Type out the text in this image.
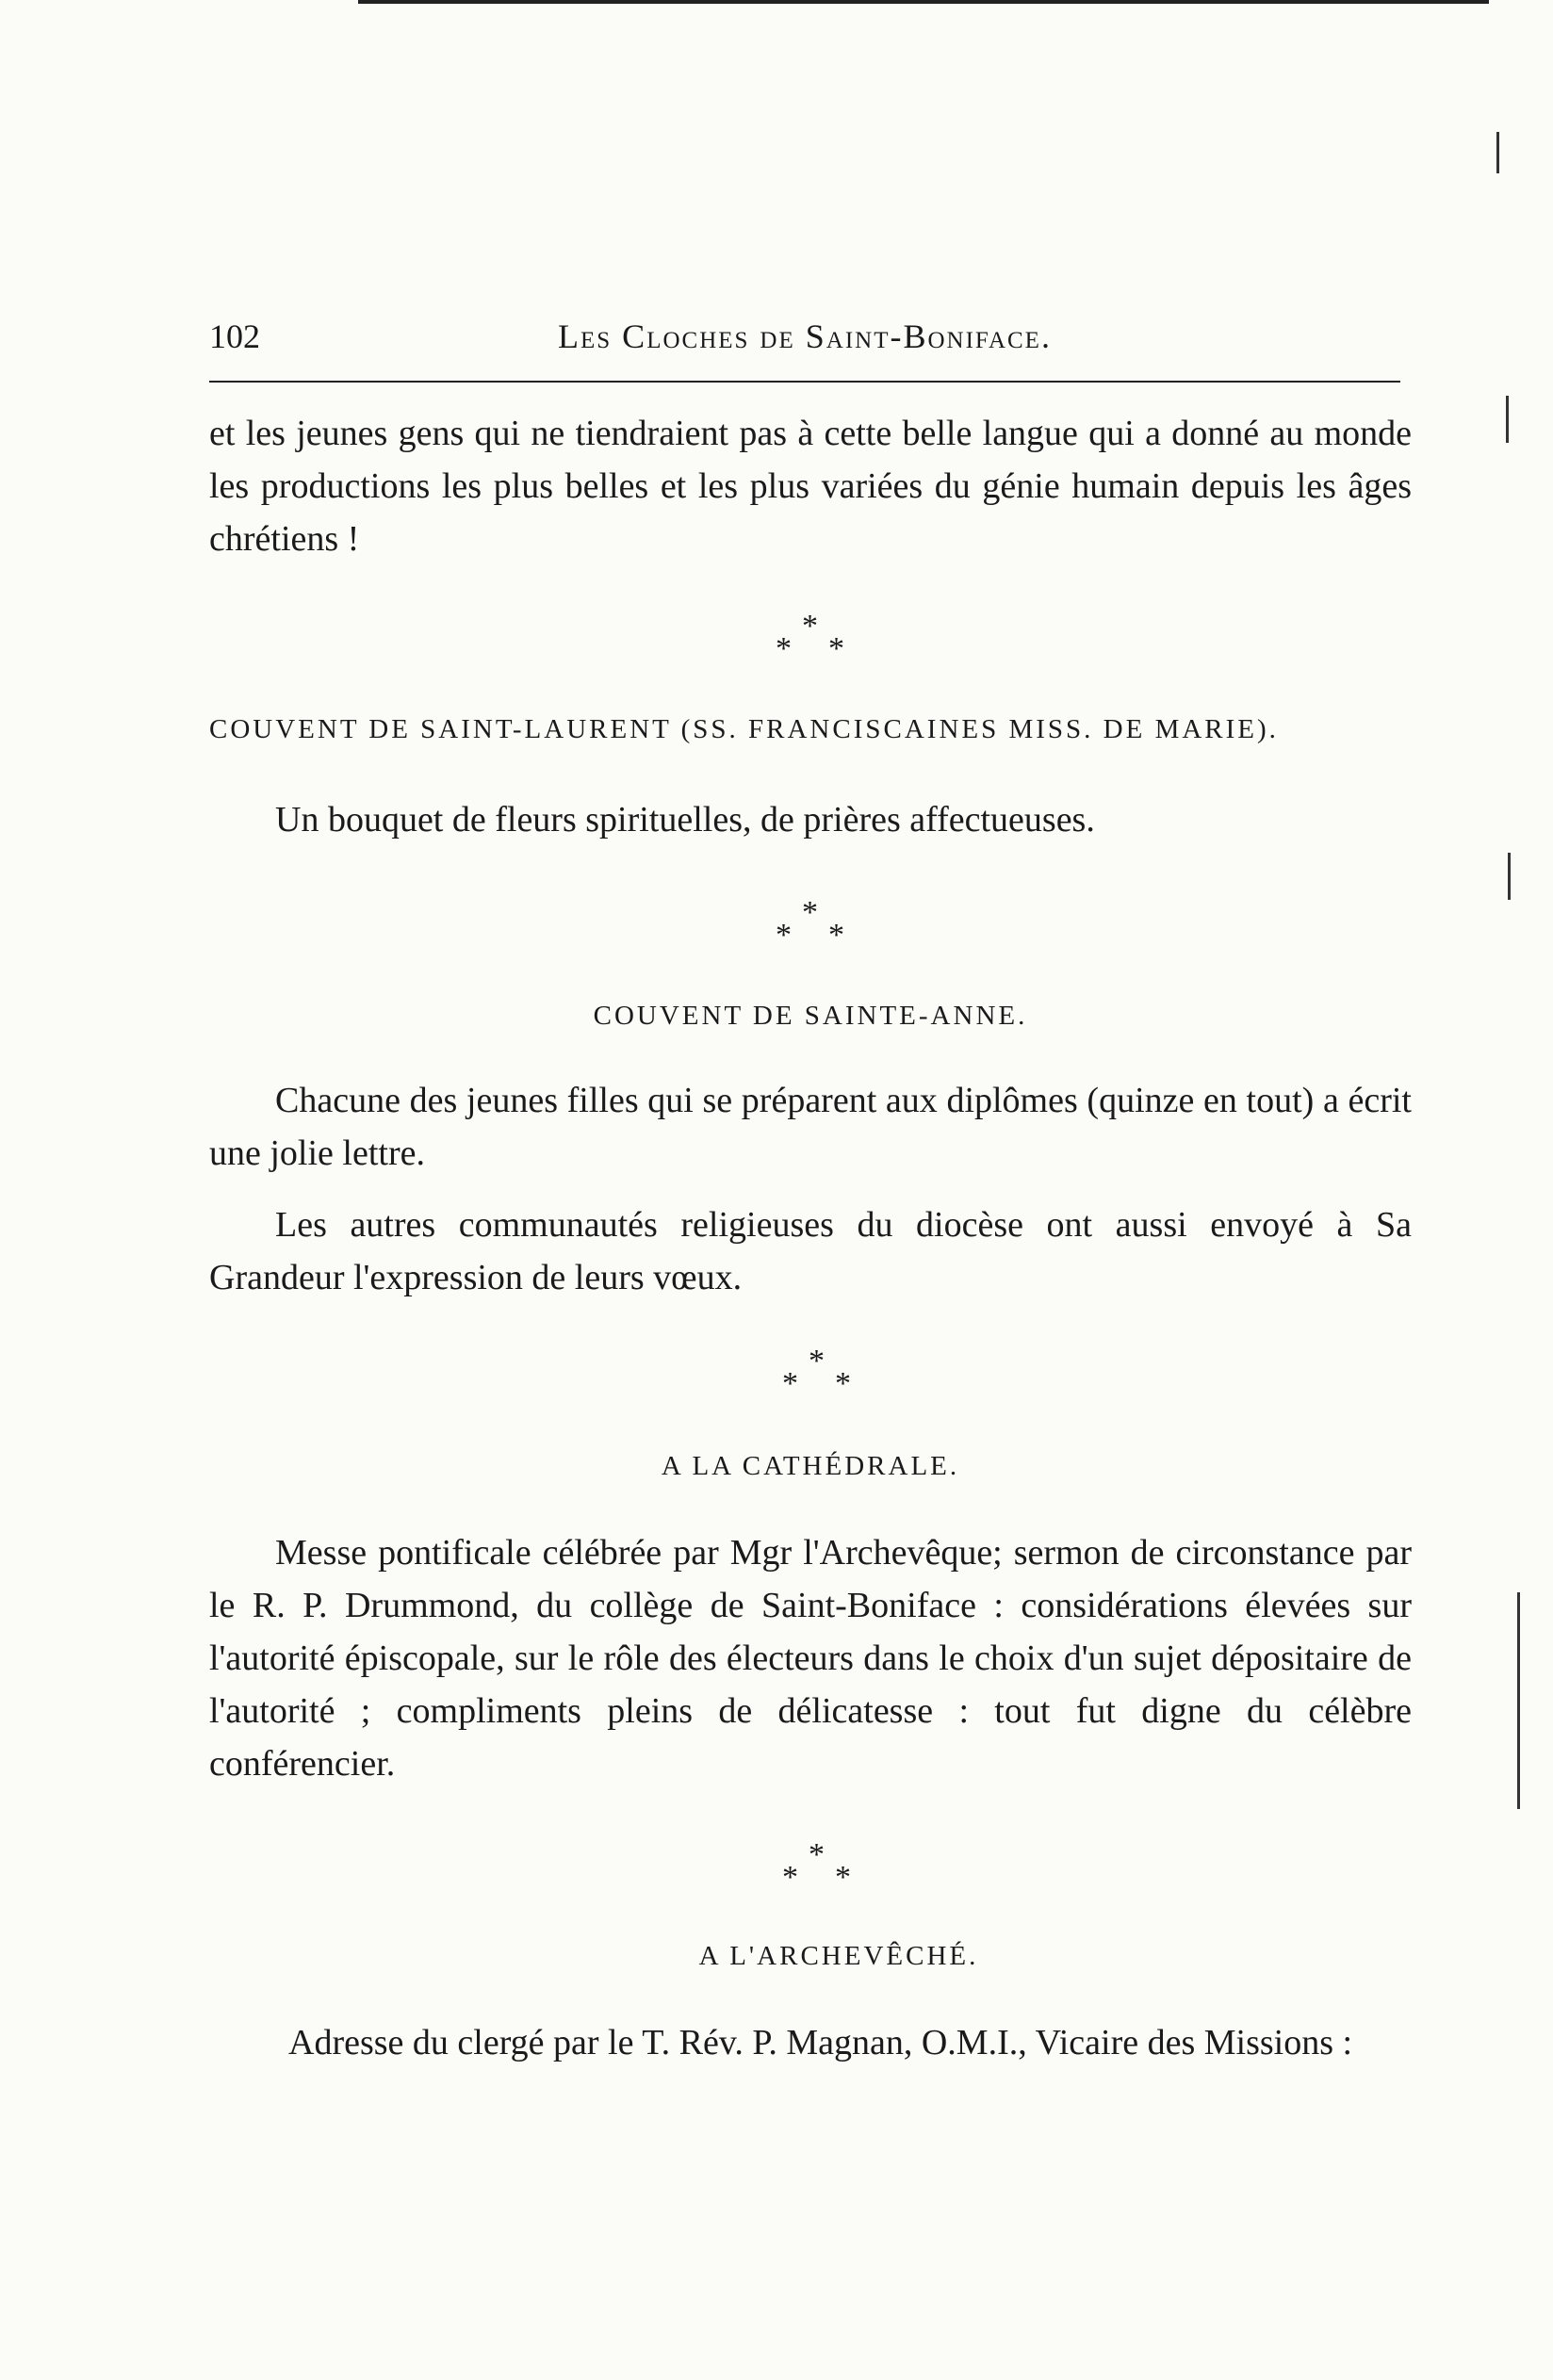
102	Les Cloches de Saint-Boniface.

et les jeunes gens qui ne tiendraient pas à cette belle langue qui a donné au monde les productions les plus belles et les plus variées du génie humain depuis les âges chrétiens !

*
* *

COUVENT DE SAINT-LAURENT (SS. FRANCISCAINES MISS. DE MARIE).

Un bouquet de fleurs spirituelles, de prières affectueuses.

*
* *

COUVENT DE SAINTE-ANNE.

Chacune des jeunes filles qui se préparent aux diplômes (quinze en tout) a écrit une jolie lettre.

Les autres communautés religieuses du diocèse ont aussi envoyé à Sa Grandeur l'expression de leurs vœux.

*
* *

A LA CATHÉDRALE.

Messe pontificale célébrée par Mgr l'Archevêque; sermon de circonstance par le R. P. Drummond, du collège de Saint-Boniface : considérations élevées sur l'autorité épiscopale, sur le rôle des électeurs dans le choix d'un sujet dépositaire de l'autorité ; compliments pleins de délicatesse : tout fut digne du célèbre conférencier.

*
* *

A L'ARCHEVÊCHÉ.

Adresse du clergé par le T. Rév. P. Magnan, O.M.I., Vicaire des Missions :
